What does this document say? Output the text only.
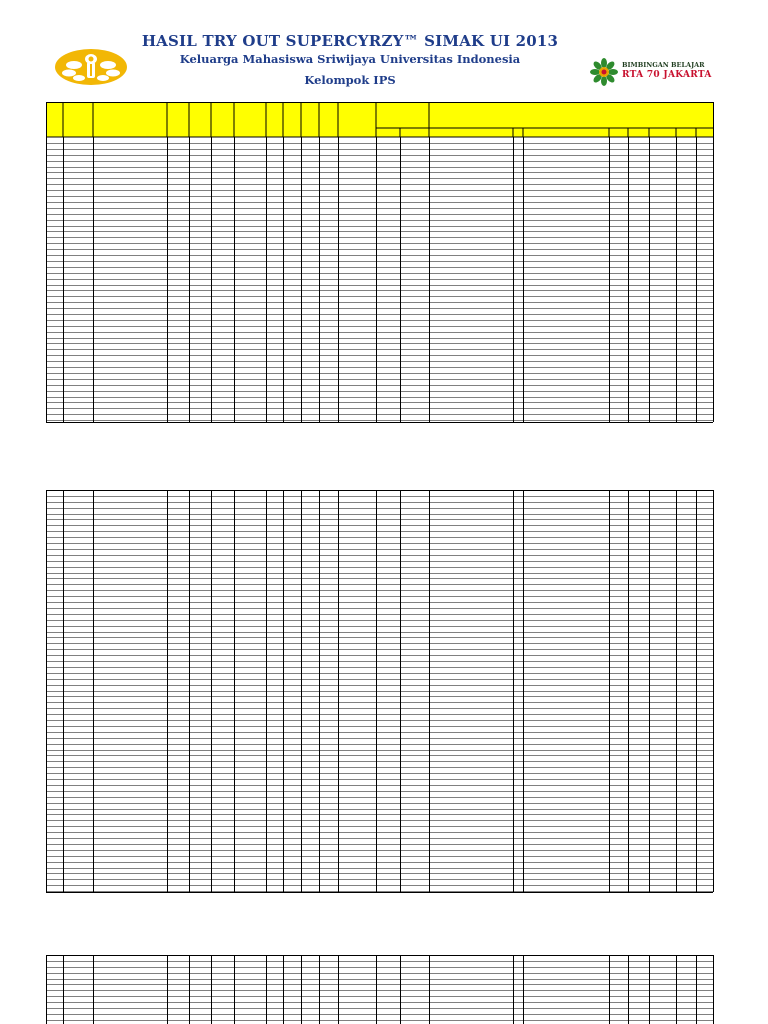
HASIL TRY OUT SUPERCYRZY™ SIMAK UI 2013
Keluarga Mahasiswa Sriwijaya Universitas Indonesia
Kelompok IPS
BIMBINGAN BELAJAR
RTA 70 JAKARTA
